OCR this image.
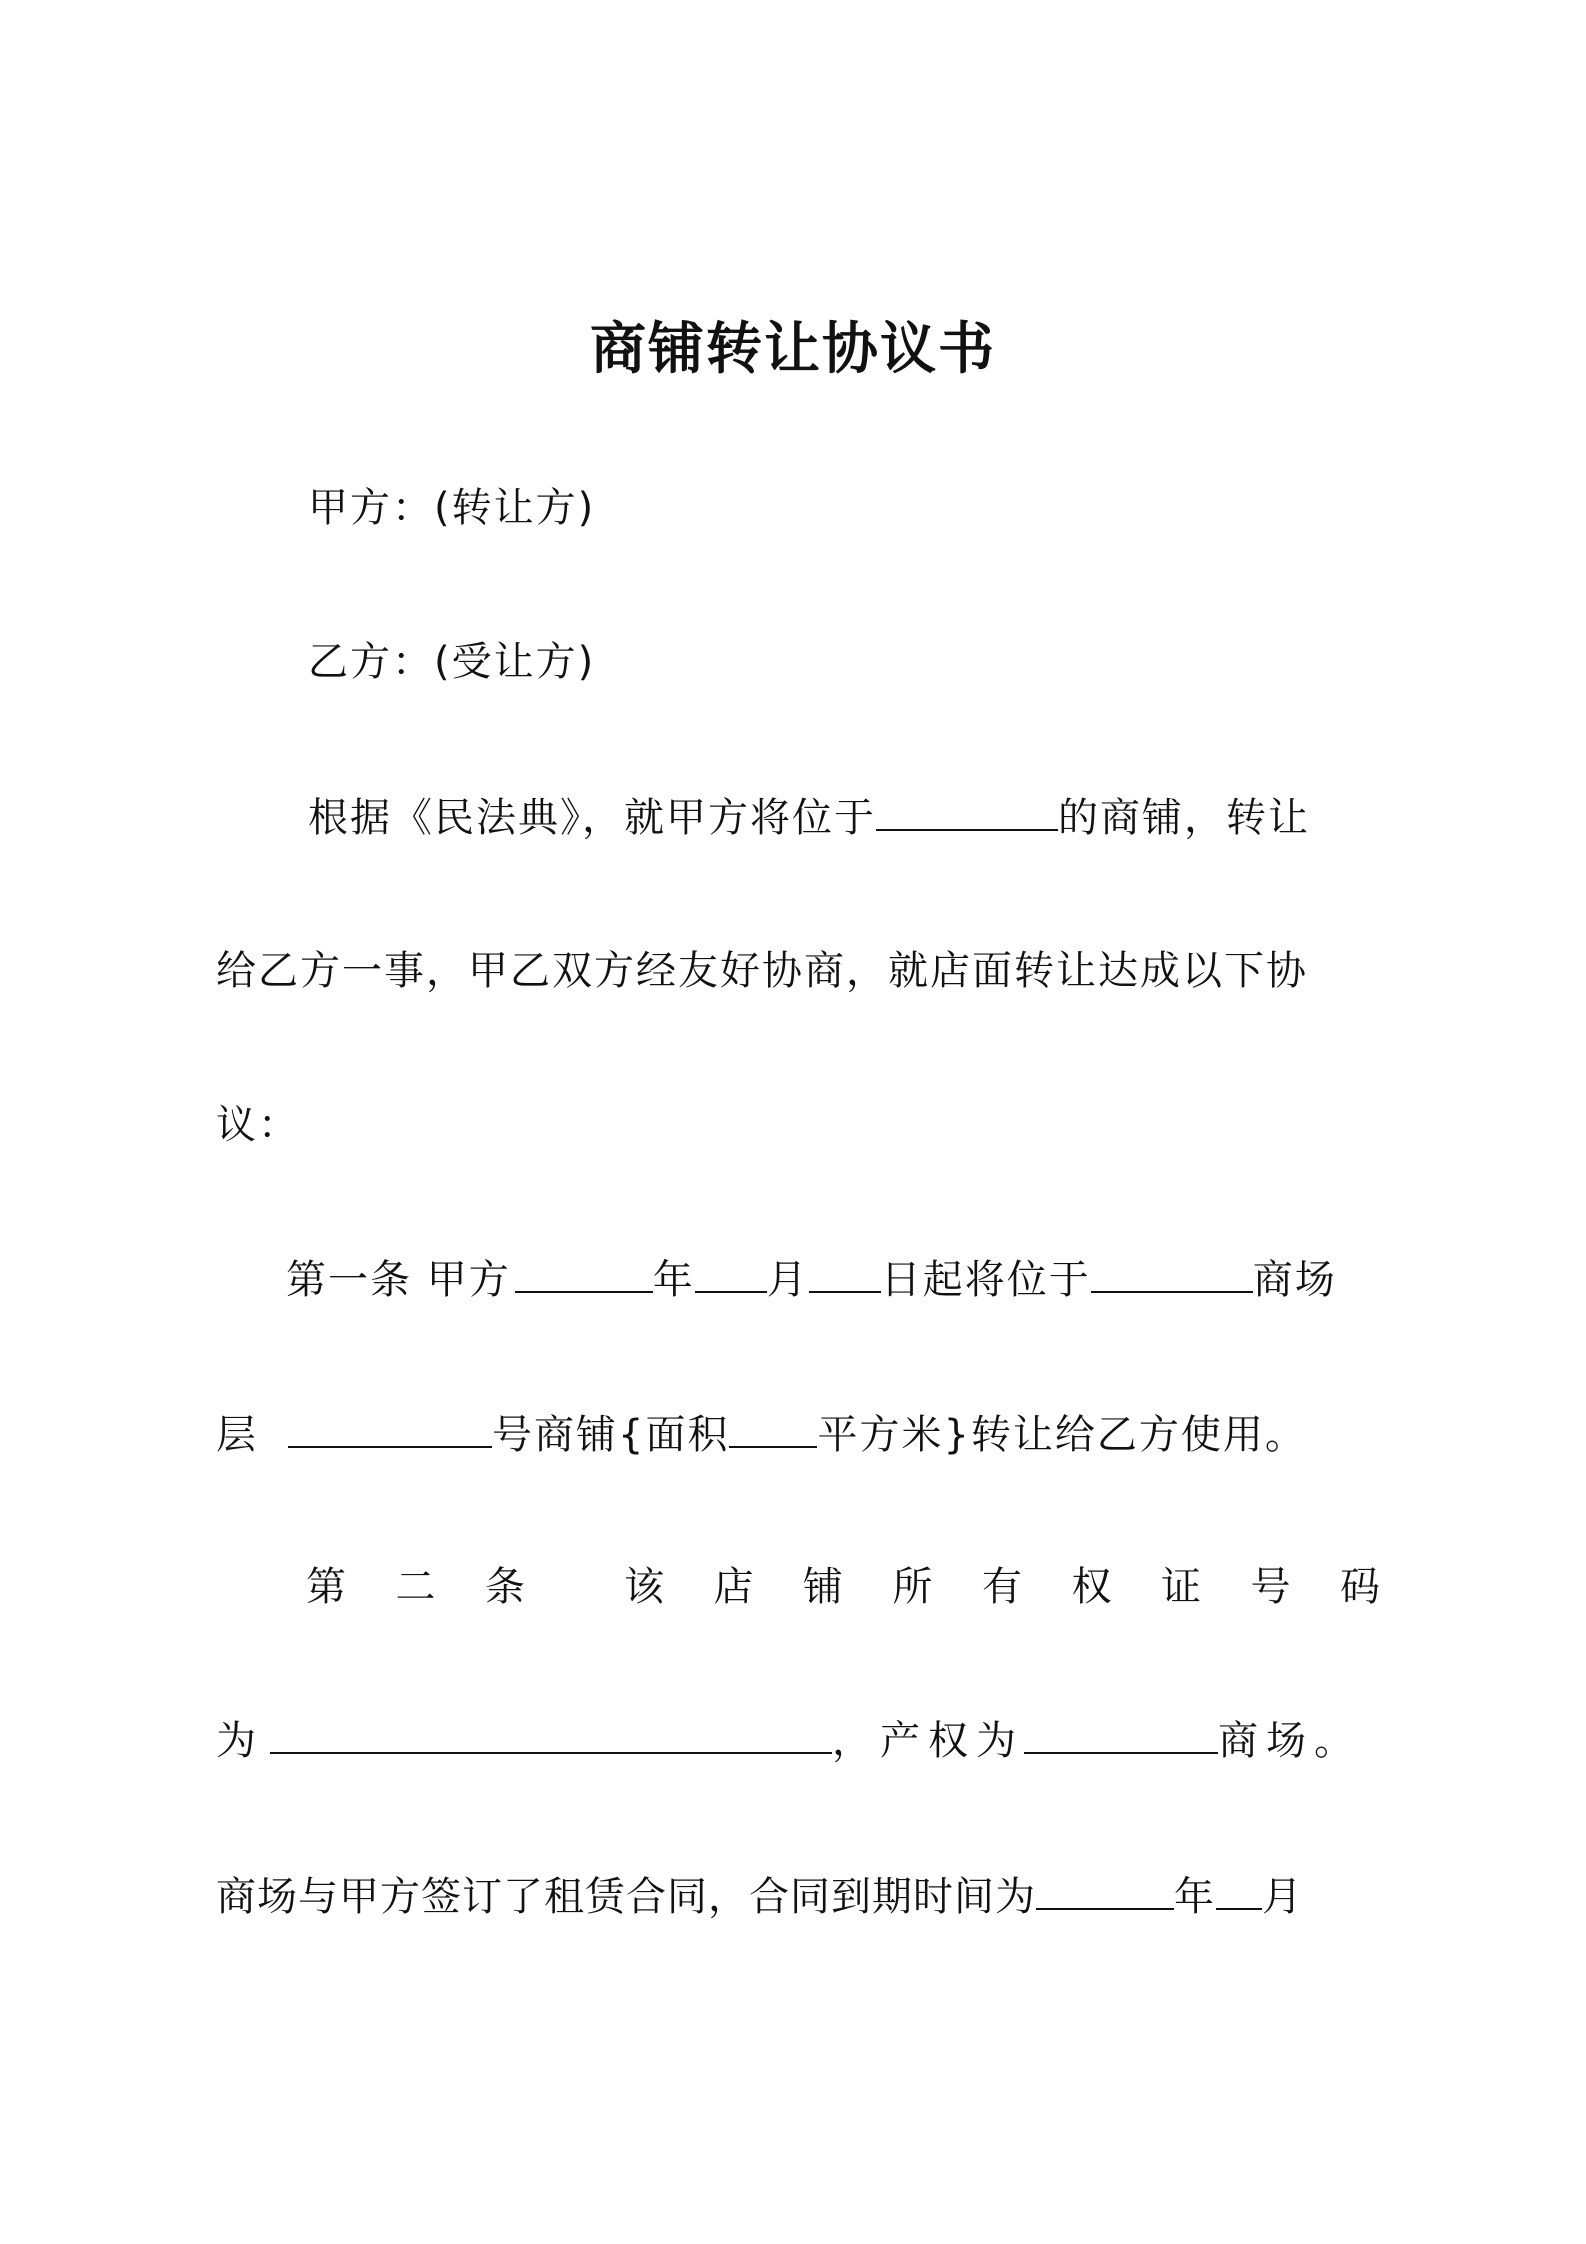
商铺转让协议书
甲方：(转让方)
乙方：(受让方)
根据《民法典》，就甲方将位于	的商铺，转让
给乙方一事，甲乙双方经友好协商，就店面转让达成以下协
议：
第一条 甲方	年 月 日起将位于	商场
层	号商铺{面积 平方米}转让给乙方使用。
第 二 条 该 店 铺 所 有 权 证 号 码
为	，产权为	商场。
商场与甲方签订了租赁合同，合同到期时间为	年 月
